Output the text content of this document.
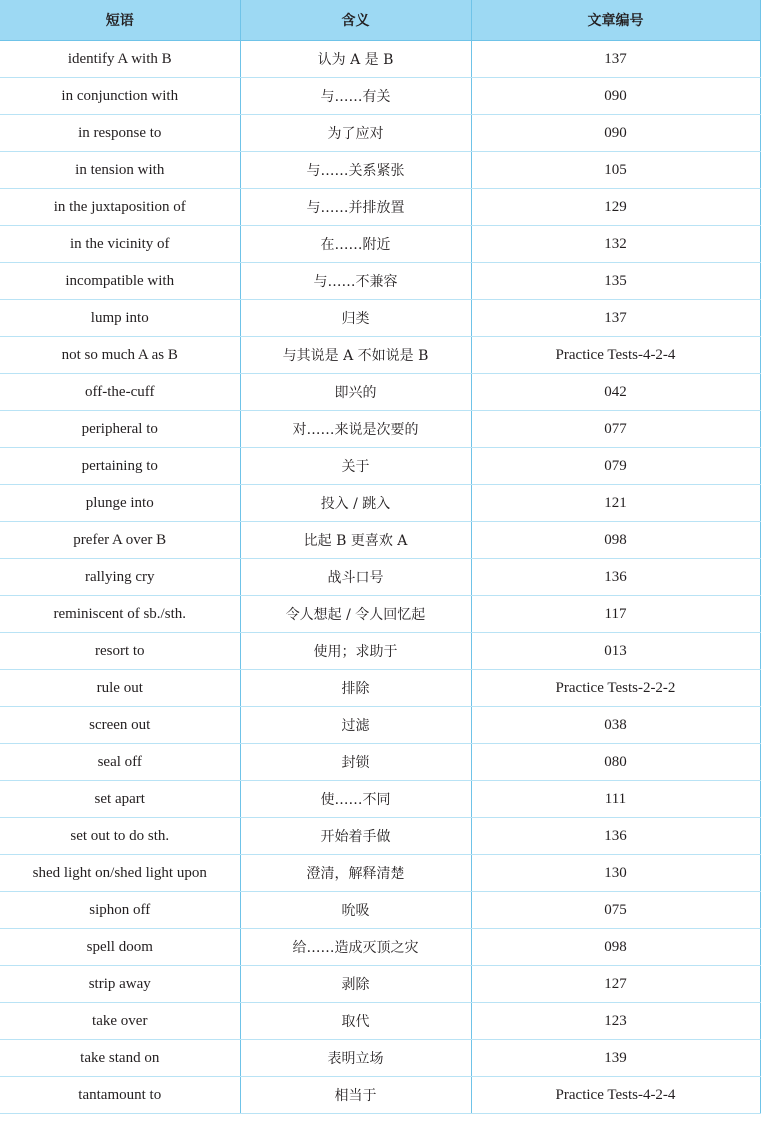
短语	含义	文章编号
identify A with B	认为 A 是 B	137
in conjunction with	与……有关	090
in response to	为了应对	090
in tension with	与……关系紧张	105
in the juxtaposition of	与……并排放置	129
in the vicinity of	在……附近	132
incompatible with	与……不兼容	135
lump into	归类	137
not so much A as B	与其说是 A 不如说是 B	Practice Tests-4-2-4
off-the-cuff	即兴的	042
peripheral to	对……来说是次要的	077
pertaining to	关于	079
plunge into	投入 / 跳入	121
prefer A over B	比起 B 更喜欢 A	098
rallying cry	战斗口号	136
reminiscent of sb./sth.	令人想起 / 令人回忆起	117
resort to	使用；求助于	013
rule out	排除	Practice Tests-2-2-2
screen out	过滤	038
seal off	封锁	080
set apart	使……不同	111
set out to do sth.	开始着手做	136
shed light on/shed light upon	澄清，解释清楚	130
siphon off	吮吸	075
spell doom	给……造成灭顶之灾	098
strip away	剥除	127
take over	取代	123
take stand on	表明立场	139
tantamount to	相当于	Practice Tests-4-2-4
